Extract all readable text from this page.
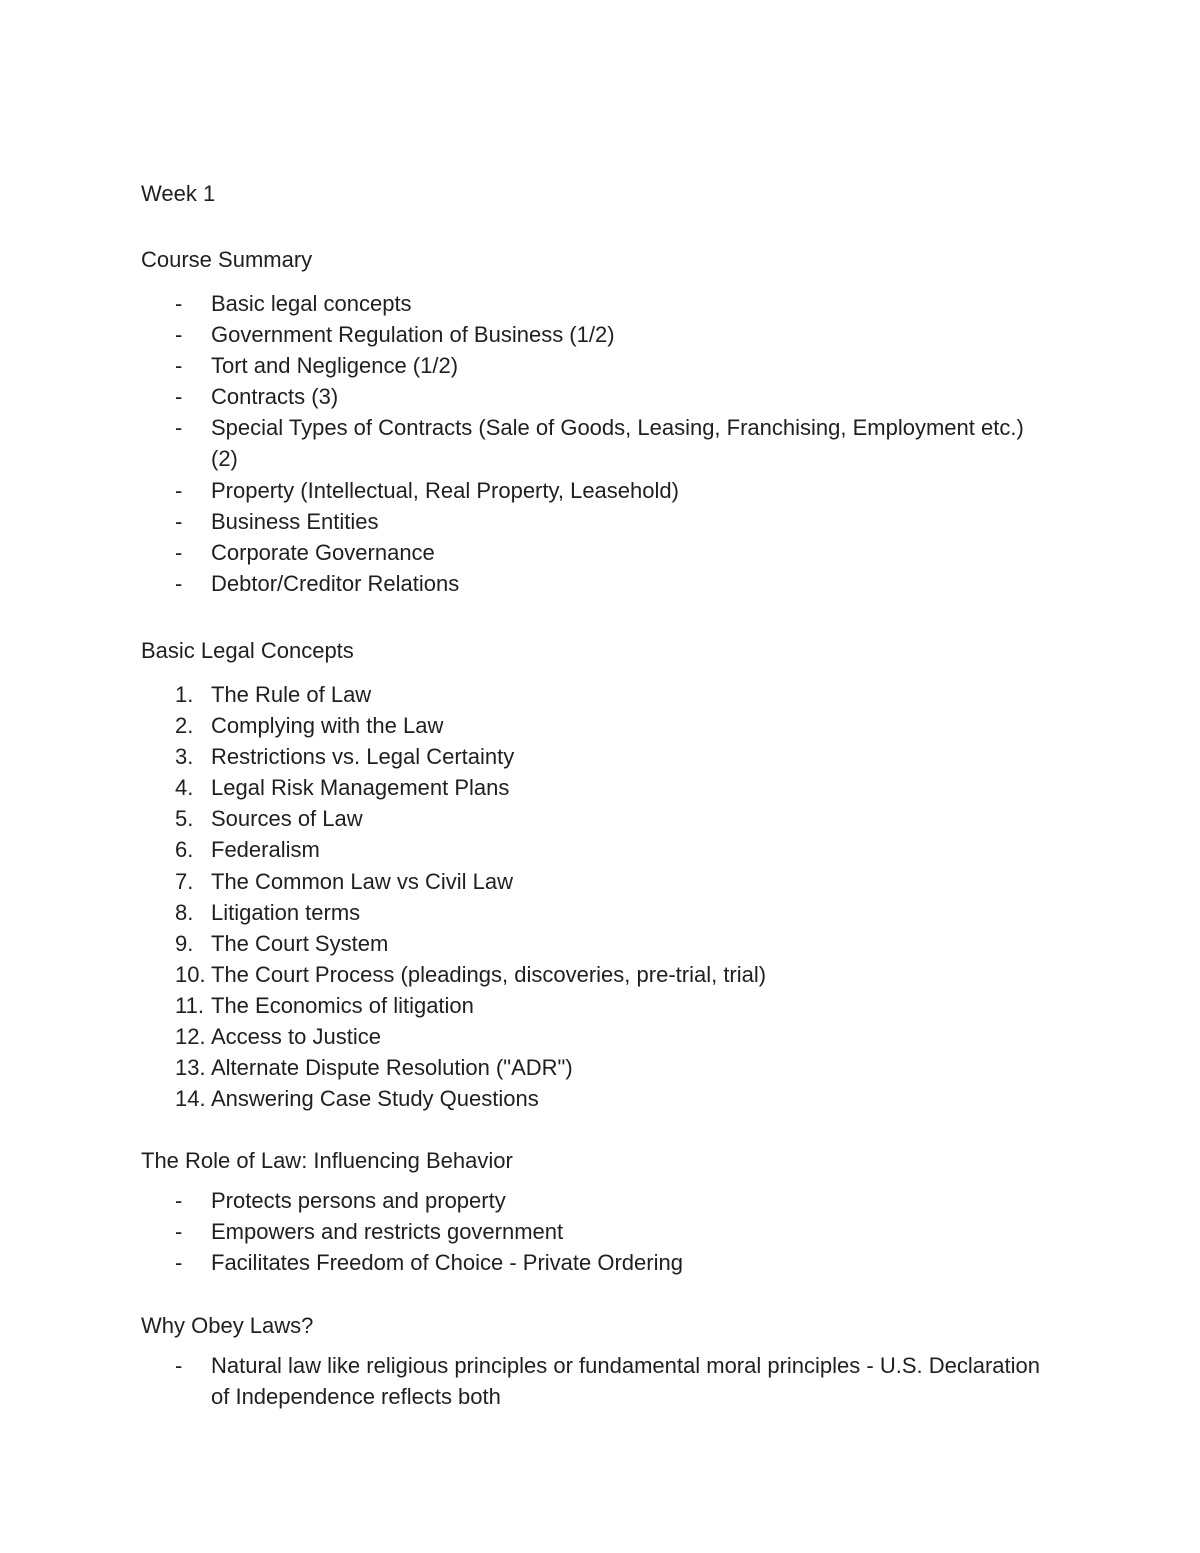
Week 1

Course Summary

- Basic legal concepts
- Government Regulation of Business (1/2)
- Tort and Negligence (1/2)
- Contracts (3)
- Special Types of Contracts (Sale of Goods, Leasing, Franchising, Employment etc.) (2)
- Property (Intellectual, Real Property, Leasehold)
- Business Entities
- Corporate Governance
- Debtor/Creditor Relations

Basic Legal Concepts

1. The Rule of Law
2. Complying with the Law
3. Restrictions vs. Legal Certainty
4. Legal Risk Management Plans
5. Sources of Law
6. Federalism
7. The Common Law vs Civil Law
8. Litigation terms
9. The Court System
10. The Court Process (pleadings, discoveries, pre-trial, trial)
11. The Economics of litigation
12. Access to Justice
13. Alternate Dispute Resolution ("ADR")
14. Answering Case Study Questions

The Role of Law: Influencing Behavior

- Protects persons and property
- Empowers and restricts government
- Facilitates Freedom of Choice - Private Ordering

Why Obey Laws?

- Natural law like religious principles or fundamental moral principles - U.S. Declaration of Independence reflects both
